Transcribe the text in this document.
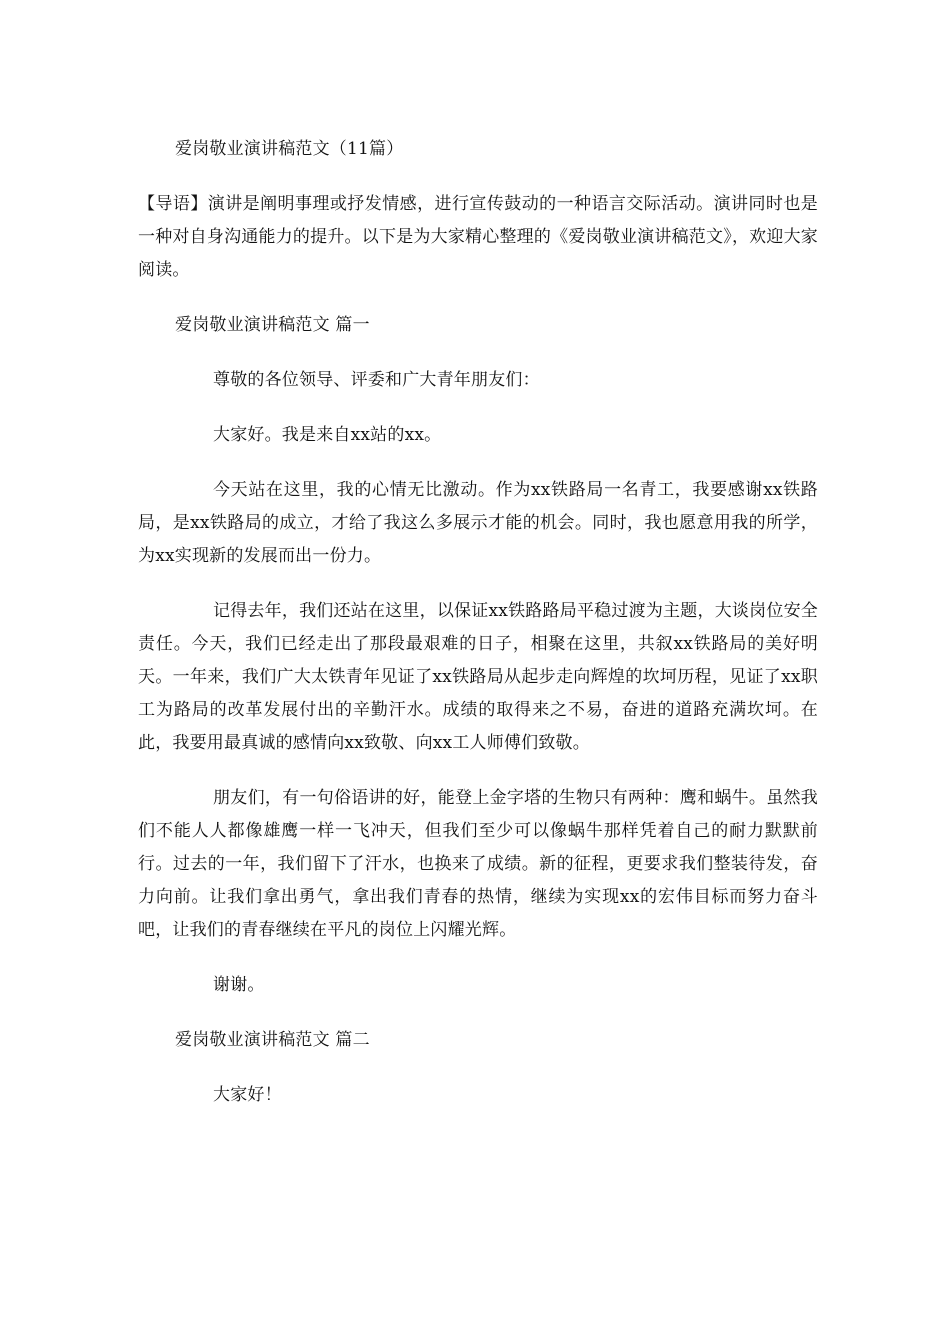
爱岗敬业演讲稿范文（11篇）
【导语】演讲是阐明事理或抒发情感，进行宣传鼓动的一种语言交际活动。演讲同时也是一种对自身沟通能力的提升。以下是为大家精心整理的《爱岗敬业演讲稿范文》，欢迎大家阅读。
爱岗敬业演讲稿范文 篇一
尊敬的各位领导、评委和广大青年朋友们：
大家好。我是来自xx站的xx。
今天站在这里，我的心情无比激动。作为xx铁路局一名青工，我要感谢xx铁路局，是xx铁路局的成立，才给了我这么多展示才能的机会。同时，我也愿意用我的所学，为xx实现新的发展而出一份力。
记得去年，我们还站在这里，以保证xx铁路路局平稳过渡为主题，大谈岗位安全责任。今天，我们已经走出了那段最艰难的日子，相聚在这里，共叙xx铁路局的美好明天。一年来，我们广大太铁青年见证了xx铁路局从起步走向辉煌的坎坷历程，见证了xx职工为路局的改革发展付出的辛勤汗水。成绩的取得来之不易，奋进的道路充满坎坷。在此，我要用最真诚的感情向xx致敬、向xx工人师傅们致敬。
朋友们，有一句俗语讲的好，能登上金字塔的生物只有两种：鹰和蜗牛。虽然我们不能人人都像雄鹰一样一飞冲天，但我们至少可以像蜗牛那样凭着自己的耐力默默前行。过去的一年，我们留下了汗水，也换来了成绩。新的征程，更要求我们整装待发，奋力向前。让我们拿出勇气，拿出我们青春的热情，继续为实现xx的宏伟目标而努力奋斗吧，让我们的青春继续在平凡的岗位上闪耀光辉。
谢谢。
爱岗敬业演讲稿范文 篇二
大家好！
